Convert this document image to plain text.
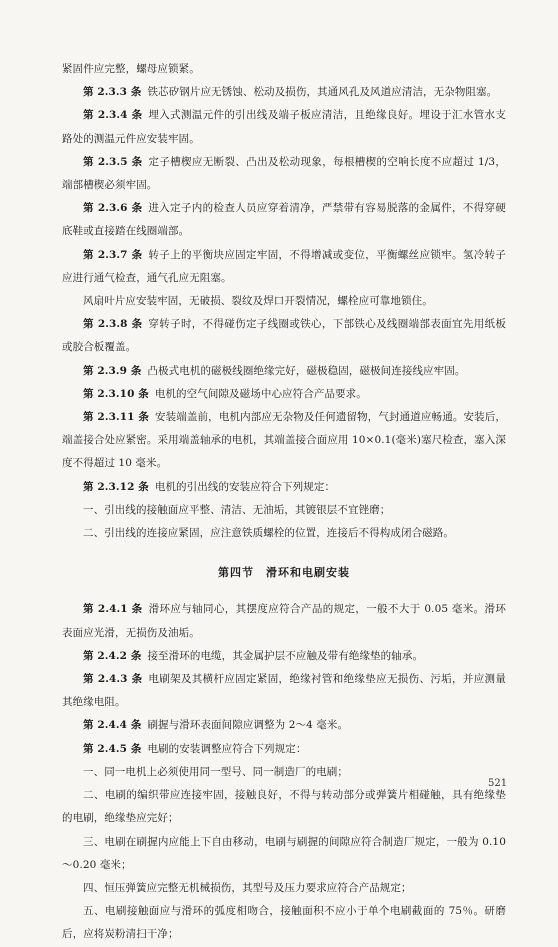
紧固件应完整，螺母应锁紧。

第 2.3.3 条 铁芯矽钢片应无锈蚀、松动及损伤，其通风孔及风道应清洁，无杂物阻塞。

第 2.3.4 条 埋入式测温元件的引出线及端子板应清洁，且绝缘良好。埋设于汇水管水支路处的测温元件应安装牢固。

第 2.3.5 条 定子槽楔应无断裂、凸出及松动现象，每根槽楔的空响长度不应超过 1/3，端部槽楔必须牢固。

第 2.3.6 条 进入定子内的检查人员应穿着清净，严禁带有容易脱落的金属件，不得穿硬底鞋或直接踏在线圈端部。

第 2.3.7 条 转子上的平衡块应固定牢固，不得增减或变位，平衡螺丝应锁牢。氢冷转子应进行通气检查，通气孔应无阻塞。

风扇叶片应安装牢固，无破损、裂纹及焊口开裂情况，螺栓应可靠地锁住。

第 2.3.8 条 穿转子时，不得碰伤定子线圈或铁心，下部铁心及线圈端部表面宜先用纸板或胶合板覆盖。

第 2.3.9 条 凸极式电机的磁极线圈绝缘完好，磁极稳固，磁极间连接线应牢固。

第 2.3.10 条 电机的空气间隙及磁场中心应符合产品要求。

第 2.3.11 条 安装端盖前，电机内部应无杂物及任何遗留物，气封通道应畅通。安装后，端盖接合处应紧密。采用端盖轴承的电机，其端盖接合面应用 10×0.1(毫米)塞尺检查，塞入深度不得超过 10 毫米。

第 2.3.12 条 电机的引出线的安装应符合下列规定：

一、引出线的接触面应平整、清洁、无油垢，其镀银层不宜锉磨；

二、引出线的连接应紧固，应注意铁质螺栓的位置，连接后不得构成闭合磁路。

第四节　滑环和电刷安装

第 2.4.1 条 滑环应与轴同心，其摆度应符合产品的规定，一般不大于 0.05 毫米。滑环表面应光滑，无损伤及油垢。

第 2.4.2 条 接至滑环的电缆，其金属护层不应触及带有绝缘垫的轴承。

第 2.4.3 条 电刷架及其横杆应固定紧固，绝缘衬管和绝缘垫应无损伤、污垢，并应测量其绝缘电阻。

第 2.4.4 条 刷握与滑环表面间隙应调整为 2～4 毫米。

第 2.4.5 条 电刷的安装调整应符合下列规定：

一、同一电机上必须使用同一型号、同一制造厂的电刷；

二、电刷的编织带应连接牢固，接触良好，不得与转动部分或弹簧片相碰触，具有绝缘垫的电刷，绝缘垫应完好；

三、电刷在刷握内应能上下自由移动，电刷与刷握的间隙应符合制造厂规定，一般为 0.10～0.20 毫米；

四、恒压弹簧应完整无机械损伤，其型号及压力要求应符合产品规定；

五、电刷接触面应与滑环的弧度相吻合，接触面积不应小于单个电刷截面的 75％。研磨后，应将炭粉清扫干净；

521
